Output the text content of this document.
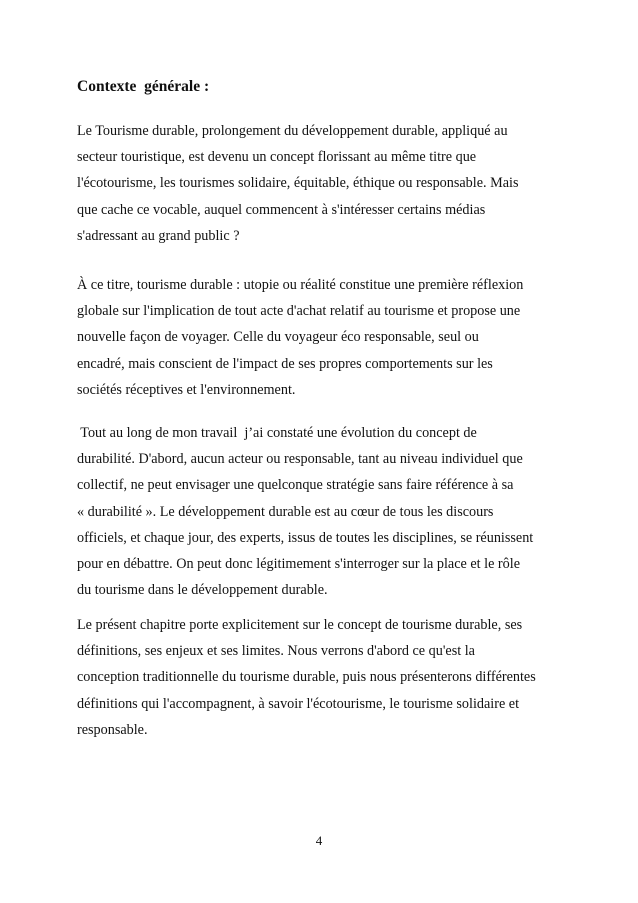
Contexte  générale :

Le Tourisme durable, prolongement du développement durable, appliqué au
secteur touristique, est devenu un concept florissant au même titre que
l'écotourisme, les tourismes solidaire, équitable, éthique ou responsable. Mais
que cache ce vocable, auquel commencent à s'intéresser certains médias
s'adressant au grand public ?

À ce titre, tourisme durable : utopie ou réalité constitue une première réflexion
globale sur l'implication de tout acte d'achat relatif au tourisme et propose une
nouvelle façon de voyager. Celle du voyageur éco responsable, seul ou
encadré, mais conscient de l'impact de ses propres comportements sur les
sociétés réceptives et l'environnement.

Tout au long de mon travail  j’ai constaté une évolution du concept de
durabilité. D'abord, aucun acteur ou responsable, tant au niveau individuel que
collectif, ne peut envisager une quelconque stratégie sans faire référence à sa
« durabilité ». Le développement durable est au cœur de tous les discours
officiels, et chaque jour, des experts, issus de toutes les disciplines, se réunissent
pour en débattre. On peut donc légitimement s'interroger sur la place et le rôle
du tourisme dans le développement durable.

Le présent chapitre porte explicitement sur le concept de tourisme durable, ses
définitions, ses enjeux et ses limites. Nous verrons d'abord ce qu'est la
conception traditionnelle du tourisme durable, puis nous présenterons différentes
définitions qui l'accompagnent, à savoir l'écotourisme, le tourisme solidaire et
responsable.

4
